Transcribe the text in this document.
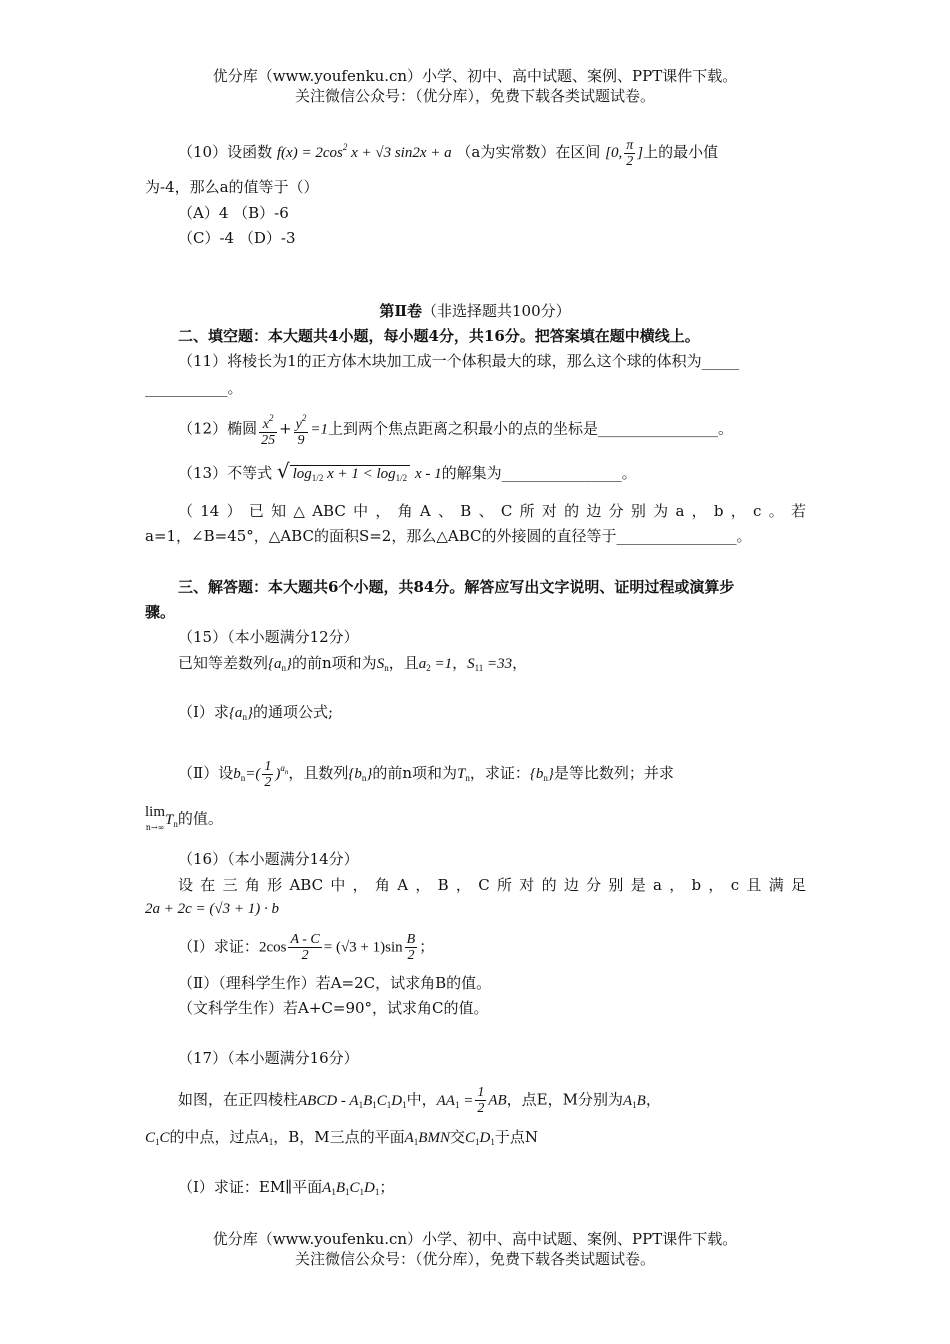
优分库（www.youfenku.cn）小学、初中、高中试题、案例、PPT课件下载。
关注微信公众号：（优分库），免费下载各类试题试卷。
（10）设函数 $f(x) = 2\cos^2$ x + √3 sin2x + a （a为实常数）在区间 [0, $\frac{\pi}{2}$ ]上的最小值
为-4，那么a的值等于（）
（A）4 （B）-6
（C）-4 （D）-3
第Ⅱ卷（非选择题共100分）
二、填空题：本大题共4小题，每小题4分，共16分。把答案填在题中横线上。
（11）将棱长为1的正方体木块加工成一个体积最大的球，那么这个球的体积为_____
___________。
（12）椭圆 $\frac{x^2}{25} + \frac{y^2}{9} =1$上到两个焦点距离之积最小的点的坐标是________________。
（13）不等式 √ $\log_{1/2} x + 1 < \log_{1/2} x - 1$的解集为________________。
（14）已知△ABC中，角A、B、C所对的边分别为a，b，c。若
a=1，∠B=45°，△ABC的面积S=2，那么△ABC的外接圆的直径等于________________。
三、解答题：本大题共6个小题，共84分。解答应写出文字说明、证明过程或演算步
骤。
（15）（本小题满分12分）
已知等差数列$\{a_n\}$的前n项和为$S_n$，且$a_2 =1$，$S_{11} =33$，
（Ⅰ）求$\{a_n\}$的通项公式;
（Ⅱ）设$b_n=( \frac{1}{2} )^{a_n}$，且数列$\{b_n\}$的前n项和为$T_n$，求证：$\{b_n\}$是等比数列；并求
lim
$n\to\infty T_n$的值。
（16）（本小题满分14分）
设在三角形ABC中，角A，B，C所对的边分别是a，b，c且满足
2a + 2c = (√3 + 1) · b
（Ⅰ）求证：$2\cos \frac{A - C}{2} = (√3 + 1)\sin \frac{B}{2}$ ；
（Ⅱ）（理科学生作）若A=2C，试求角B的值。
（文科学生作）若A+C=90°，试求角C的值。
（17）（本小题满分16分）
如图，在正四棱柱ABCD - $A_1B_1C_1D_1$中，$AA_1 = \frac{1}{2}$ AB，点E，M分别为$A_1B$，
$C_1C$的中点，过点$A_1$，B，M三点的平面$A_1BMN$交$C_1D_1$于点N
（Ⅰ）求证：EM∥平面$A_1B_1C_1D_1$；
优分库（www.youfenku.cn）小学、初中、高中试题、案例、PPT课件下载。
关注微信公众号：（优分库），免费下载各类试题试卷。
